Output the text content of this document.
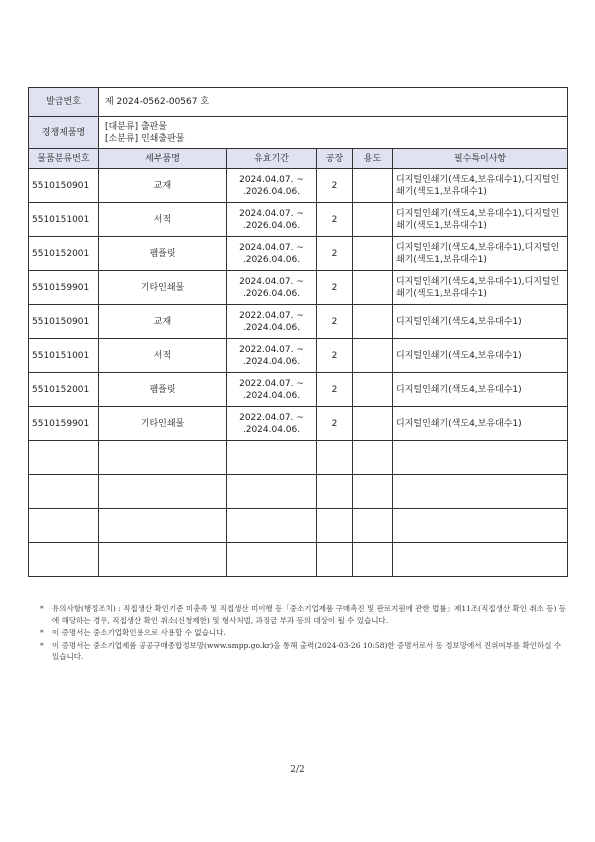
발급번호	제 2024-0562-00567 호				
경쟁제품명	[대분류] 출판물
[소분류] 인쇄출판물				

물품분류번호	세부품명	유효기간	공장	용도	필수특이사항
5510150901	교재	2024.04.07. ~ .2026.04.06.	2		디지털인쇄기(색도4,보유대수1),디지털인쇄기(색도1,보유대수1)
5510151001	서적	2024.04.07. ~ .2026.04.06.	2		디지털인쇄기(색도4,보유대수1),디지털인쇄기(색도1,보유대수1)
5510152001	팸플릿	2024.04.07. ~ .2026.04.06.	2		디지털인쇄기(색도4,보유대수1),디지털인쇄기(색도1,보유대수1)
5510159901	기타인쇄물	2024.04.07. ~ .2026.04.06.	2		디지털인쇄기(색도4,보유대수1),디지털인쇄기(색도1,보유대수1)
5510150901	교재	2022.04.07. ~ .2024.04.06.	2		디지털인쇄기(색도4,보유대수1)
5510151001	서적	2022.04.07. ~ .2024.04.06.	2		디지털인쇄기(색도4,보유대수1)
5510152001	팸플릿	2022.04.07. ~ .2024.04.06.	2		디지털인쇄기(색도4,보유대수1)
5510159901	기타인쇄물	2022.04.07. ~ .2024.04.06.	2		디지털인쇄기(색도4,보유대수1)

*	유의사항(행정조치) : 직접생산 확인기준 미충족 및 직접생산 미이행 등「중소기업제품 구매촉진 및 판로지원에 관한 법률」제11조(직접생산 확인 취소 등) 등에 해당하는 경우, 직접생산 확인 취소(신청제한) 및 형사처벌, 과징금 부과 등의 대상이 될 수 있습니다.
*	이 증명서는 중소기업확인용으로 사용할 수 없습니다.
*	이 증명서는 중소기업제품 공공구매종합정보망(www.smpp.go.kr)을 통해 출력(2024-03-26 10:58)한 증명서로서 동 정보망에서 진위여부를 확인하실 수 있습니다.
2/2
